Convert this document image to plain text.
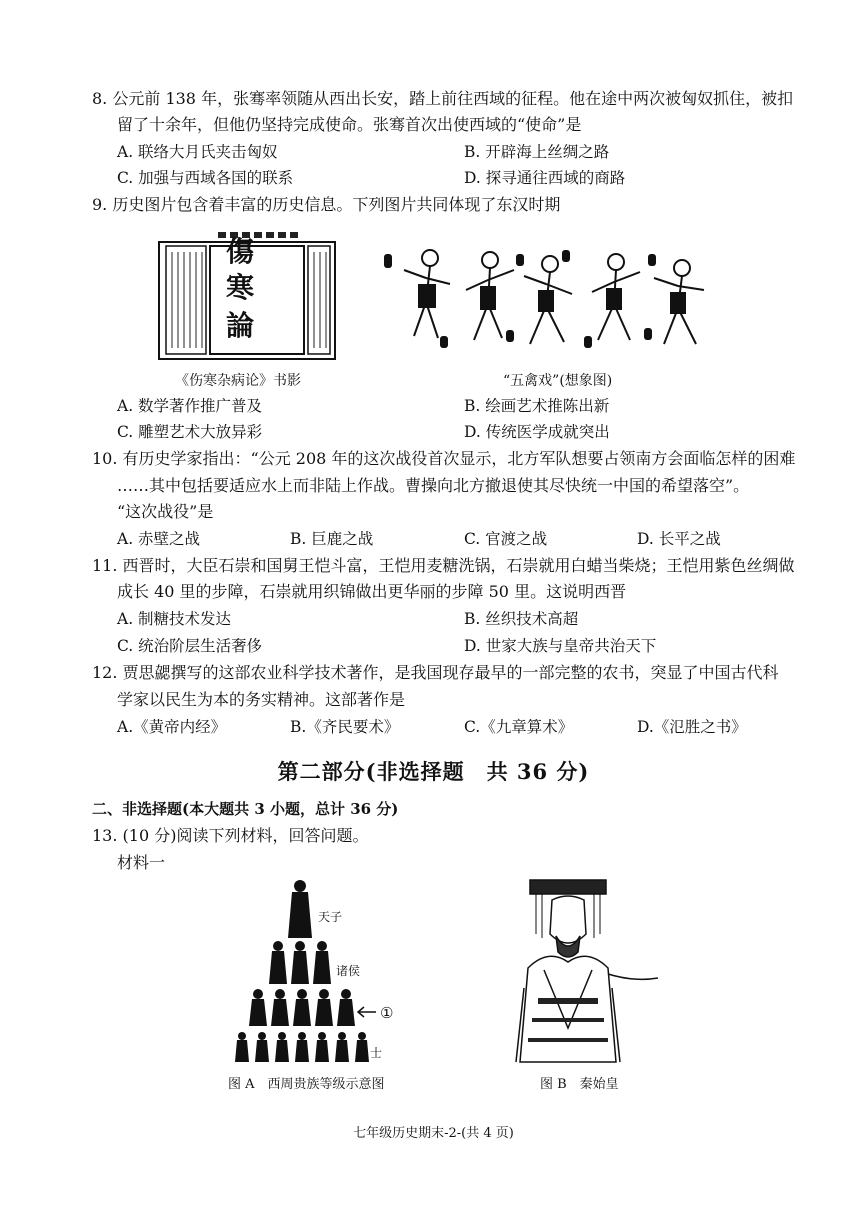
8. 公元前 138 年，张骞率领随从西出长安，踏上前往西域的征程。他在途中两次被匈奴抓住，被扣
留了十余年，但他仍坚持完成使命。张骞首次出使西域的“使命”是
A. 联络大月氏夹击匈奴	B. 开辟海上丝绸之路
C. 加强与西域各国的联系	D. 探寻通往西域的商路
9. 历史图片包含着丰富的历史信息。下列图片共同体现了东汉时期
傷
寒
論
《伤寒杂病论》书影	“五禽戏”(想象图)
A. 数学著作推广普及	B. 绘画艺术推陈出新
C. 雕塑艺术大放异彩	D. 传统医学成就突出
10. 有历史学家指出：“公元 208 年的这次战役首次显示，北方军队想要占领南方会面临怎样的困难
……其中包括要适应水上而非陆上作战。曹操向北方撤退使其尽快统一中国的希望落空”。
“这次战役”是
A. 赤壁之战	B. 巨鹿之战	C. 官渡之战	D. 长平之战
11. 西晋时，大臣石崇和国舅王恺斗富，王恺用麦糖洗锅，石崇就用白蜡当柴烧；王恺用紫色丝绸做
成长 40 里的步障，石崇就用织锦做出更华丽的步障 50 里。这说明西晋
A. 制糖技术发达	B. 丝织技术高超
C. 统治阶层生活奢侈	D. 世家大族与皇帝共治天下
12. 贾思勰撰写的这部农业科学技术著作，是我国现存最早的一部完整的农书，突显了中国古代科
学家以民生为本的务实精神。这部著作是
A.《黄帝内经》	B.《齐民要术》	C.《九章算术》	D.《氾胜之书》
第二部分(非选择题　共 36 分)
二、非选择题(本大题共 3 小题，总计 36 分)
13. (10 分)阅读下列材料，回答问题。
材料一
天子
诸侯
①
士
图 A　西周贵族等级示意图	图 B　秦始皇
七年级历史期末-2-(共 4 页)
